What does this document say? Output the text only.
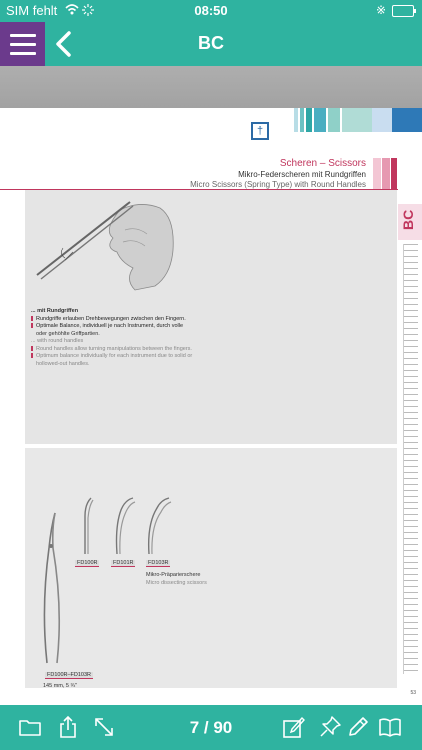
SIM fehlt	08:50	※
BC
†
Scheren – Scissors
Mikro-Federscheren mit Rundgriffen
Micro Scissors (Spring Type) with Round Handles
BC
... mit Rundgriffen
Rundgriffe erlauben Drehbewegungen zwischen den Fingern.
Optimale Balance, individuell je nach Instrument, durch volle
oder gehöhlte Griffpartien.
... with round handles
Round handles allow turning manipulations between the fingers.
Optimum balance individually for each instrument due to solid or
hollowed-out handles.
FD100R	FD101R	FD103R
Mikro-Präparierschere
Micro dissecting scissors
FD100R–FD103R
145 mm, 5 ¾"
53
7 / 90
